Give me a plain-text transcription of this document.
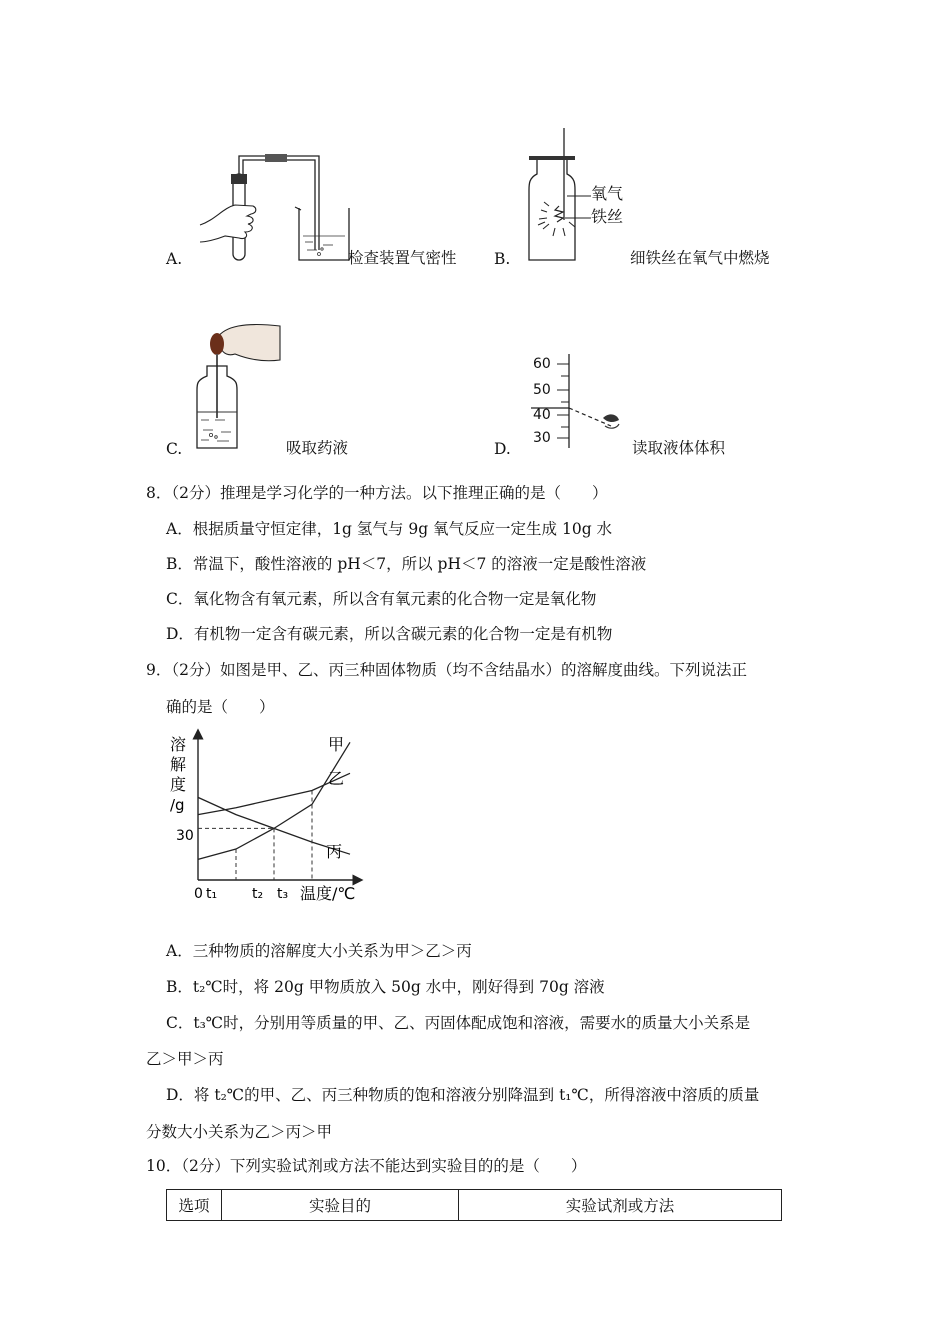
A.	检查装置气密性
氧气
铁丝
B.	细铁丝在氧气中燃烧
C.	吸取药液
60
50
40
30
D.	读取液体体积
8．（2分）推理是学习化学的一种方法。以下推理正确的是（　　）
A．根据质量守恒定律，1g 氢气与 9g 氧气反应一定生成 10g 水
B．常温下，酸性溶液的 pH＜7，所以 pH＜7 的溶液一定是酸性溶液
C．氧化物含有氧元素，所以含有氧元素的化合物一定是氧化物
D．有机物一定含有碳元素，所以含碳元素的化合物一定是有机物
9．（2分）如图是甲、乙、丙三种固体物质（均不含结晶水）的溶解度曲线。下列说法正
确的是（　　）
溶
解
度
/g
30
0 t₁ t₂ t₃ 温度/℃
甲
乙
丙
A．三种物质的溶解度大小关系为甲＞乙＞丙
B．t₂℃时，将 20g 甲物质放入 50g 水中，刚好得到 70g 溶液
C．t₃℃时，分别用等质量的甲、乙、丙固体配成饱和溶液，需要水的质量大小关系是
乙＞甲＞丙
D．将 t₂℃的甲、乙、丙三种物质的饱和溶液分别降温到 t₁℃，所得溶液中溶质的质量
分数大小关系为乙＞丙＞甲
10．（2分）下列实验试剂或方法不能达到实验目的的是（　　）
选项	实验目的	实验试剂或方法
